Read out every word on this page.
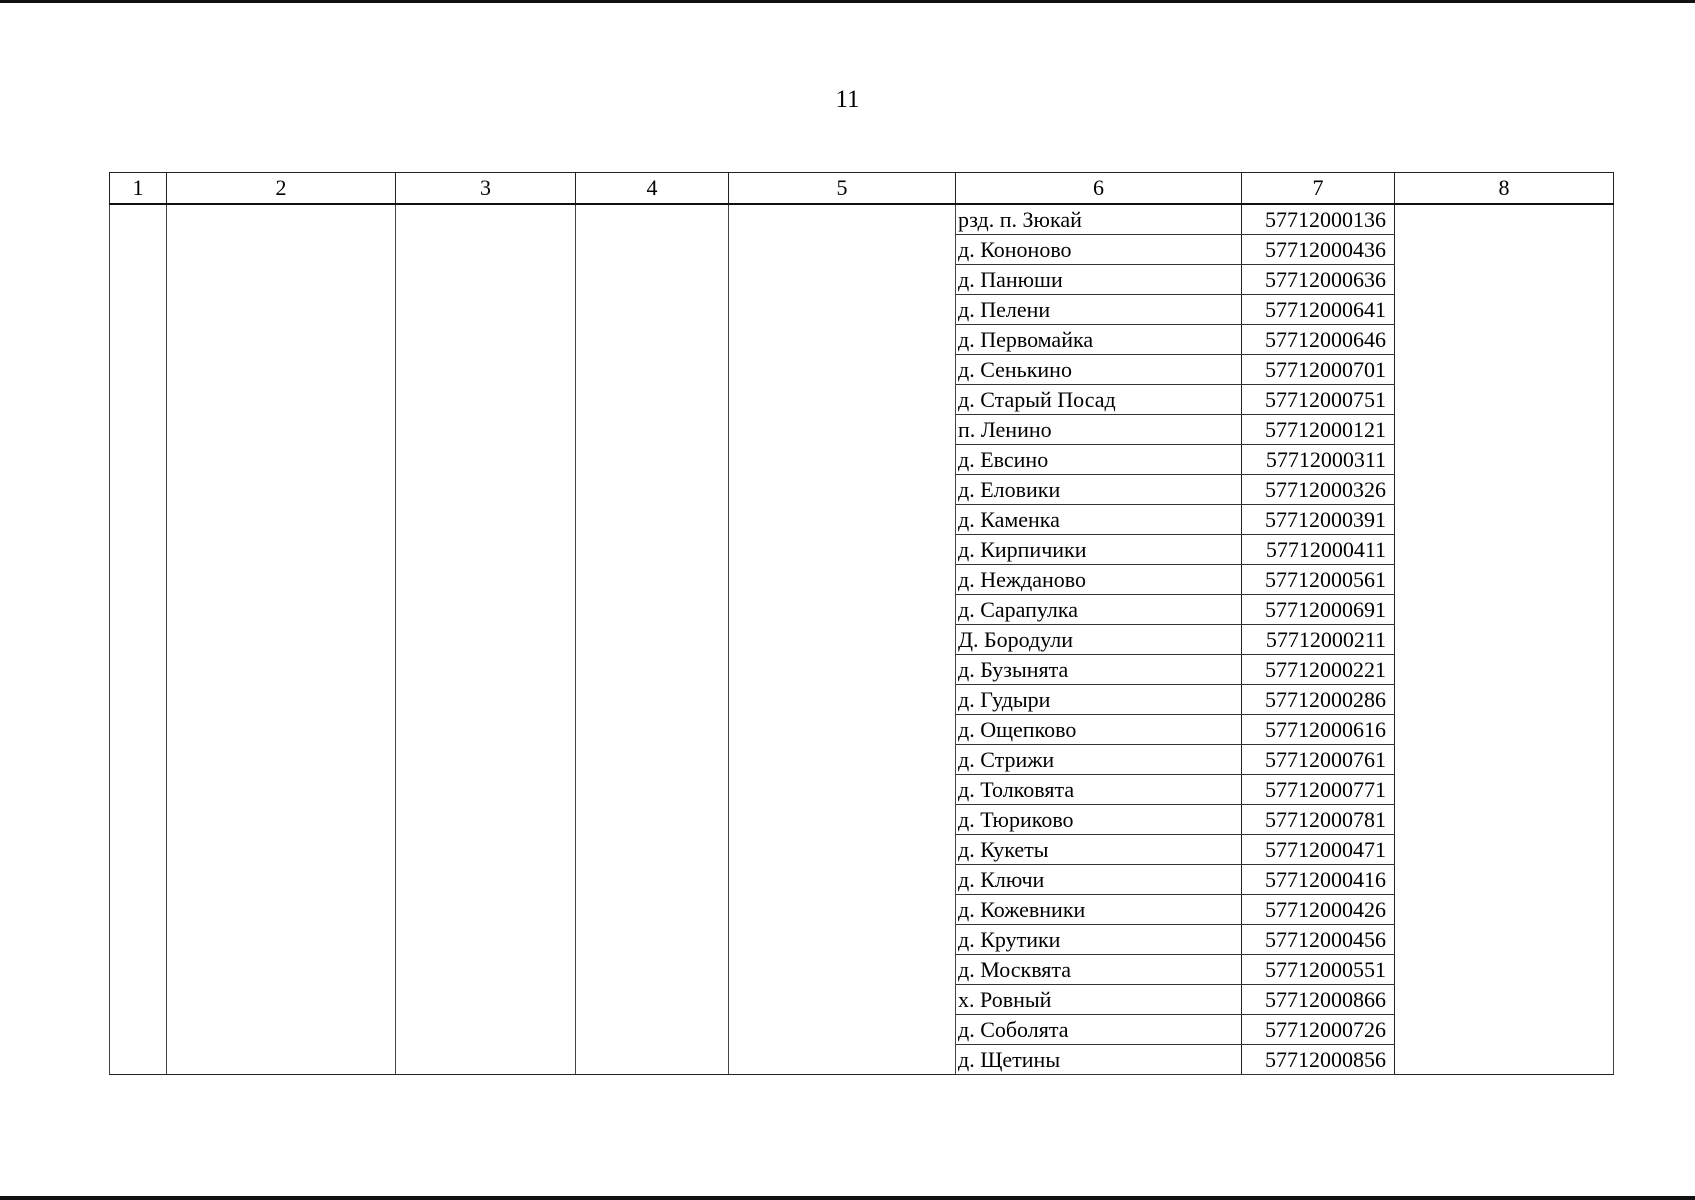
11
1	2	3	4	5	6	7	8
					рзд. п. Зюкай	57712000136	
					д. Кононово	57712000436	
					д. Панюши	57712000636	
					д. Пелени	57712000641	
					д. Первомайка	57712000646	
					д. Сенькино	57712000701	
					д. Старый Посад	57712000751	
					п. Ленино	57712000121	
					д. Евсино	57712000311	
					д. Еловики	57712000326	
					д. Каменка	57712000391	
					д. Кирпичики	57712000411	
					д. Нежданово	57712000561	
					д. Сарапулка	57712000691	
					Д. Бородули	57712000211	
					д. Бузынята	57712000221	
					д. Гудыри	57712000286	
					д. Ощепково	57712000616	
					д. Стрижи	57712000761	
					д. Толковята	57712000771	
					д. Тюриково	57712000781	
					д. Кукеты	57712000471	
					д. Ключи	57712000416	
					д. Кожевники	57712000426	
					д. Крутики	57712000456	
					д. Москвята	57712000551	
					х. Ровный	57712000866	
					д. Соболята	57712000726	
					д. Щетины	57712000856	
